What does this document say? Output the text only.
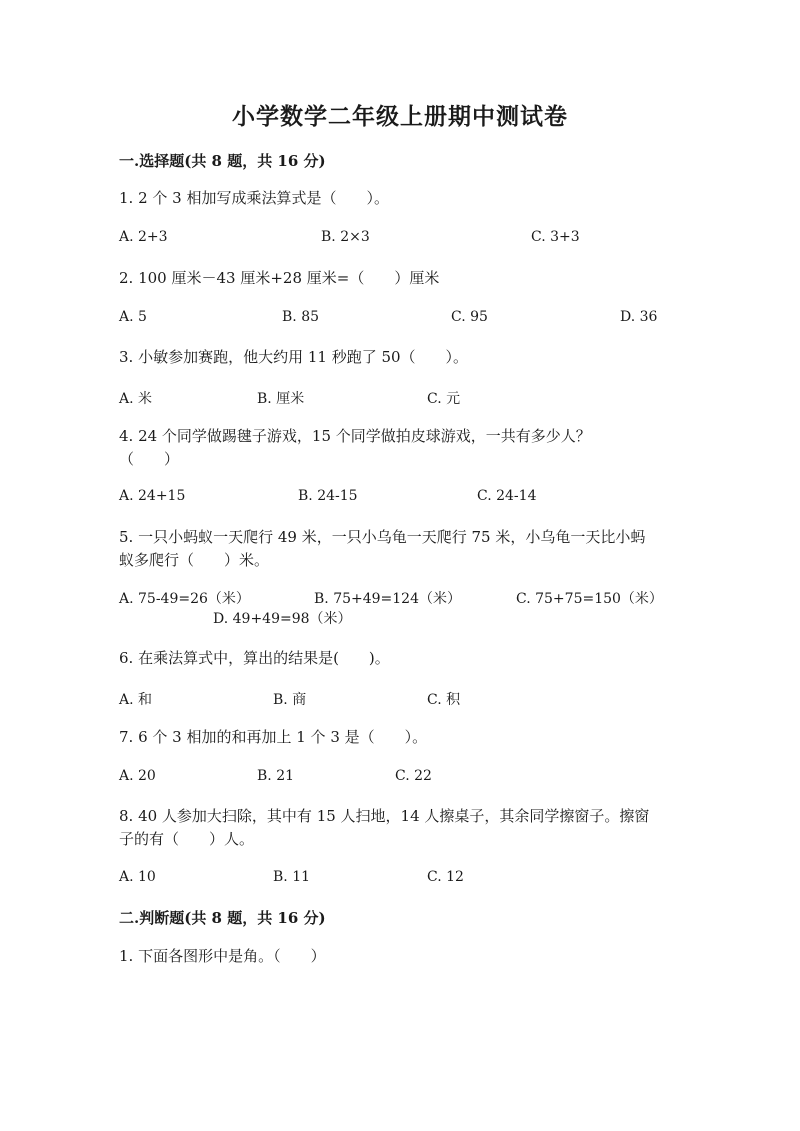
小学数学二年级上册期中测试卷
一.选择题(共 8 题，共 16 分)
1. 2 个 3 相加写成乘法算式是（　　）。
A. 2+3	B. 2×3	C. 3+3
2. 100 厘米－43 厘米+28 厘米=（　　）厘米
A. 5	B. 85	C. 95	D. 36
3. 小敏参加赛跑，他大约用 11 秒跑了 50（　　）。
A. 米	B. 厘米	C. 元
4. 24 个同学做踢毽子游戏，15 个同学做拍皮球游戏，一共有多少人？
（　　）
A. 24+15	B. 24-15	C. 24-14
5. 一只小蚂蚁一天爬行 49 米，一只小乌龟一天爬行 75 米，小乌龟一天比小蚂
蚁多爬行（　　）米。
A. 75-49=26（米）	B. 75+49=124（米）	C. 75+75=150（米）
D. 49+49=98（米）
6. 在乘法算式中，算出的结果是(　　)。
A. 和	B. 商	C. 积
7. 6 个 3 相加的和再加上 1 个 3 是（　　）。
A. 20	B. 21	C. 22
8. 40 人参加大扫除，其中有 15 人扫地，14 人擦桌子，其余同学擦窗子。擦窗
子的有（　　）人。
A. 10	B. 11	C. 12
二.判断题(共 8 题，共 16 分)
1. 下面各图形中是角。（　　）
